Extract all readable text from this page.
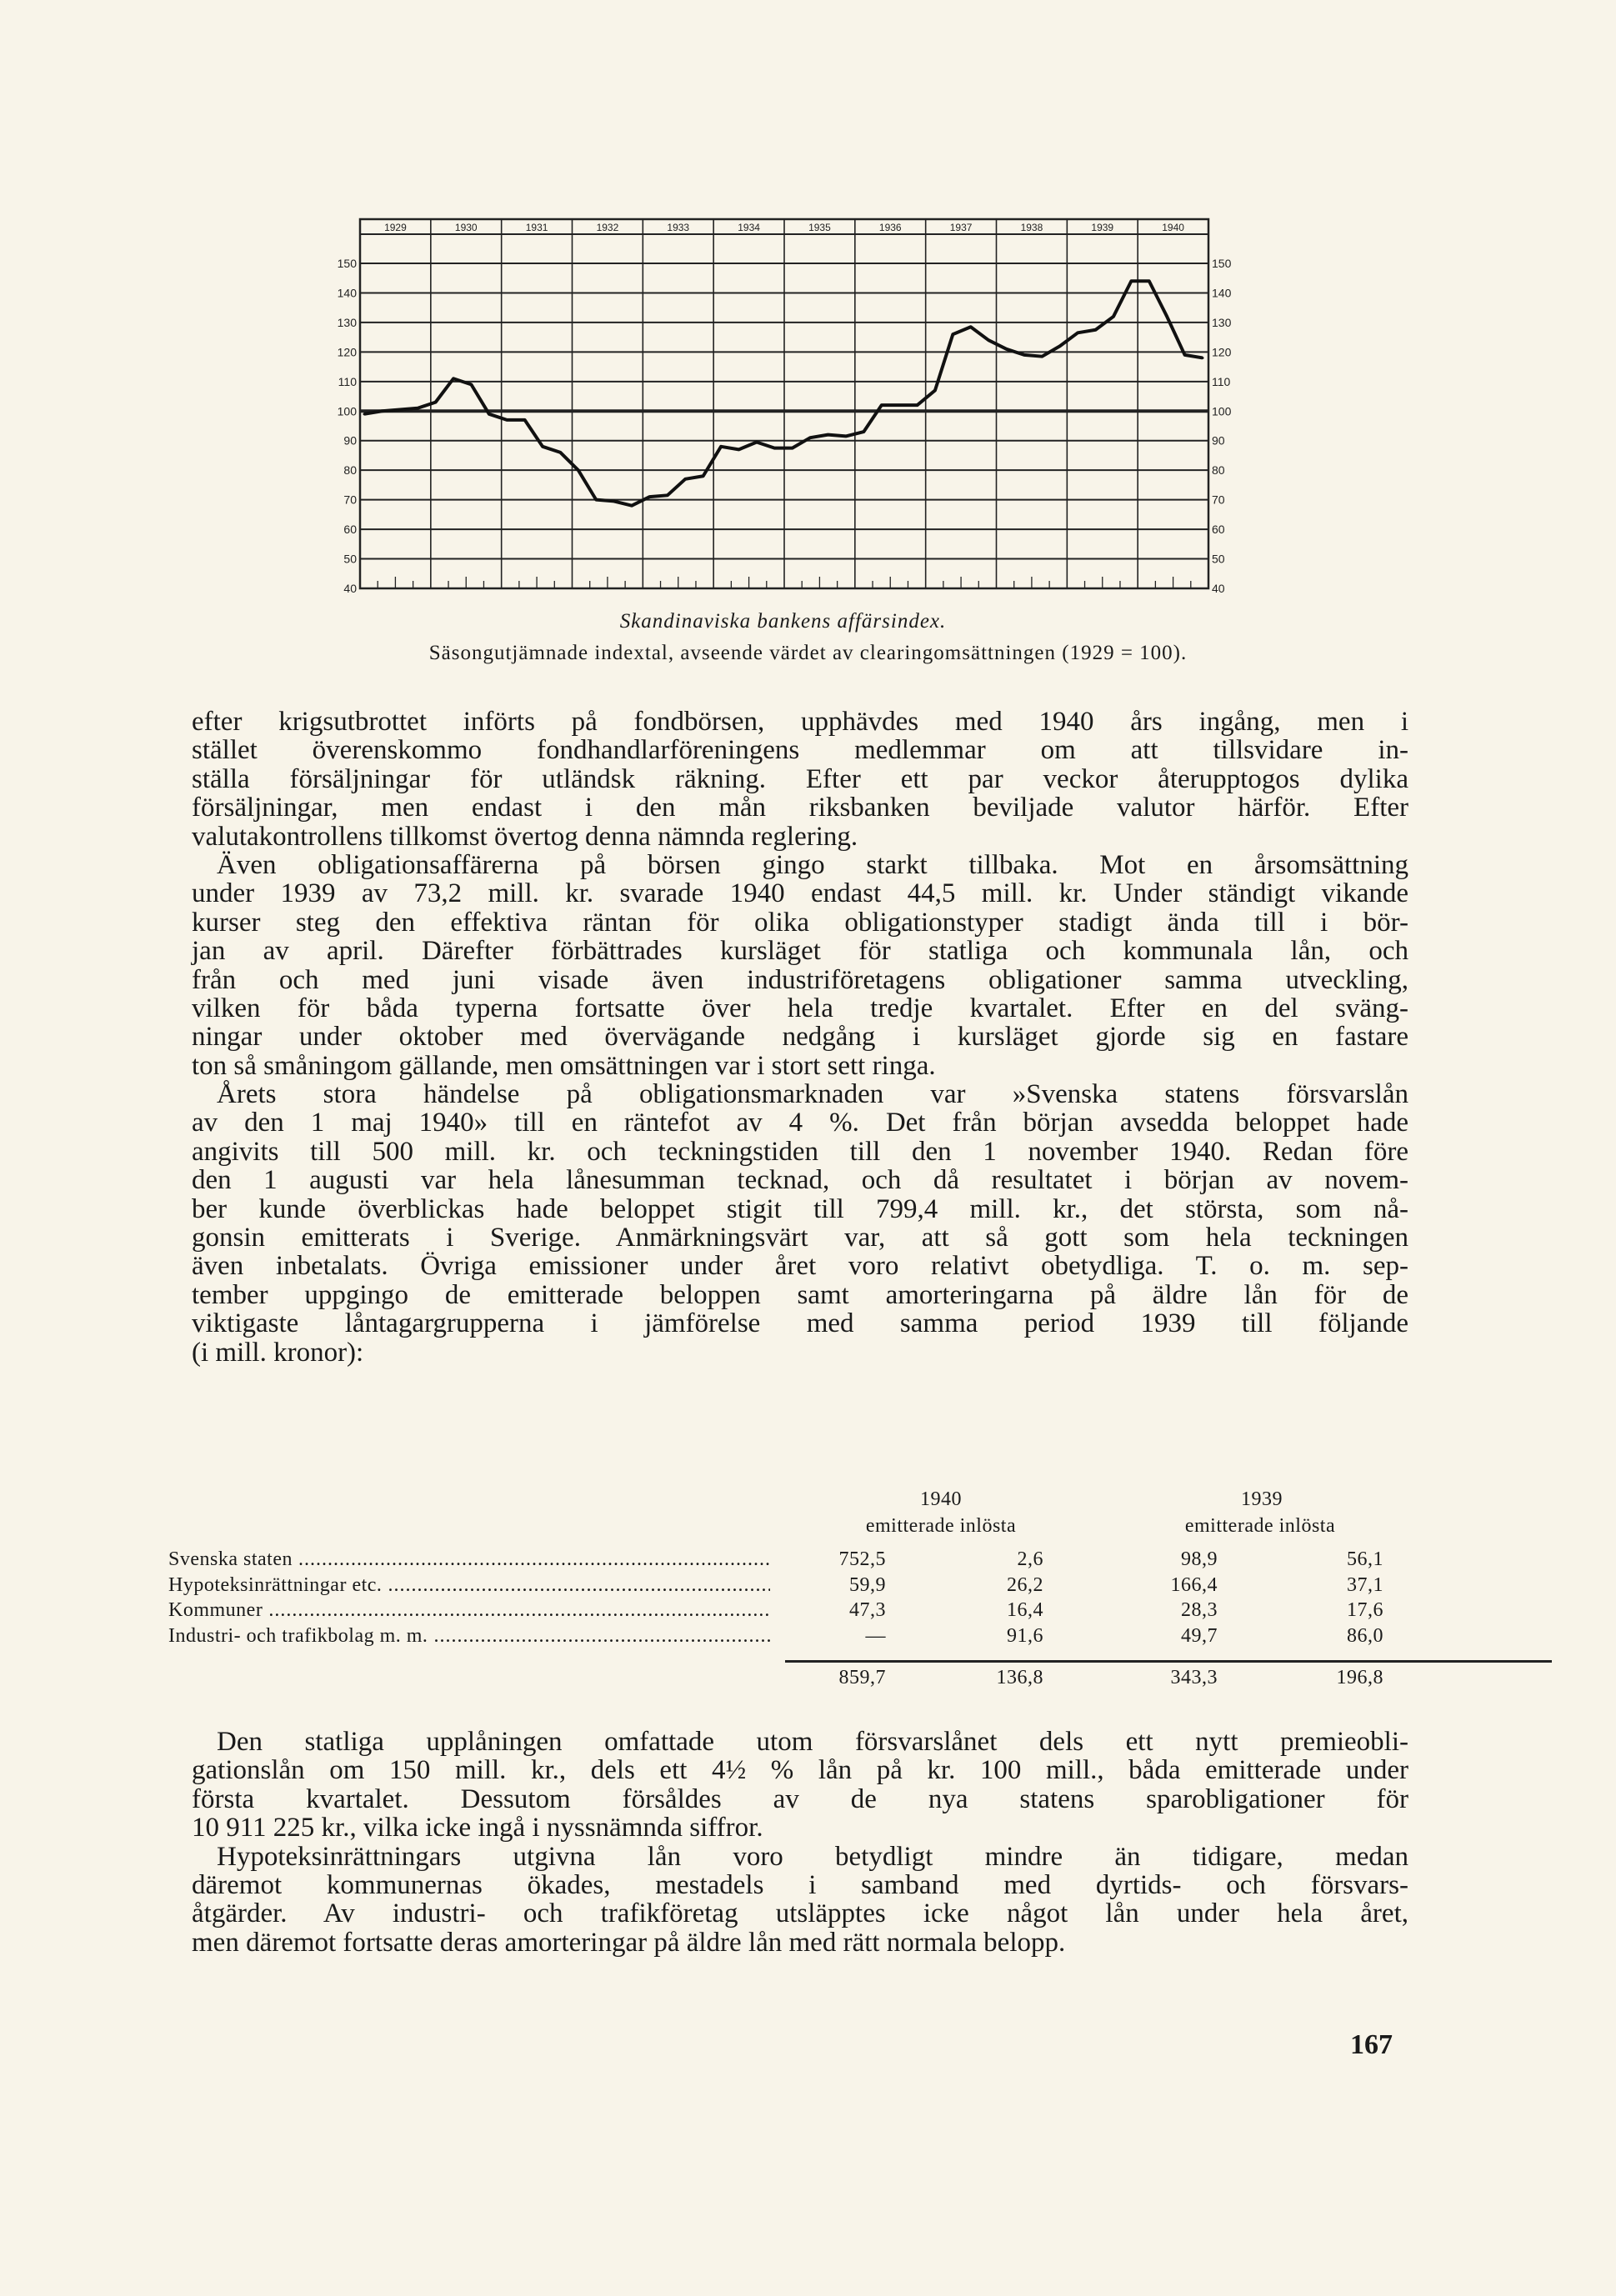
40	40
50	50
60	60
70	70
80	80
90	90
100	100
110	110
120	120
130	130
140	140
150	150
1929	1930	1931	1932	1933	1934	1935	1936	1937	1938	1939	1940
Skandinaviska bankens affärsindex.
Säsongutjämnade indextal, avseende värdet av clearingomsättningen (1929 = 100).
efter krigsutbrottet införts på fondbörsen, upphävdes med 1940 års ingång, men i
stället överenskommo fondhandlarföreningens medlemmar om att tillsvidare in-
ställa försäljningar för utländsk räkning. Efter ett par veckor återupptogos dylika
försäljningar, men endast i den mån riksbanken beviljade valutor härför. Efter
valutakontrollens tillkomst övertog denna nämnda reglering.
Även obligationsaffärerna på börsen gingo starkt tillbaka. Mot en årsomsättning
under 1939 av 73,2 mill. kr. svarade 1940 endast 44,5 mill. kr. Under ständigt vikande
kurser steg den effektiva räntan för olika obligationstyper stadigt ända till i bör-
jan av april. Därefter förbättrades kursläget för statliga och kommunala lån, och
från och med juni visade även industriföretagens obligationer samma utveckling,
vilken för båda typerna fortsatte över hela tredje kvartalet. Efter en del sväng-
ningar under oktober med övervägande nedgång i kursläget gjorde sig en fastare
ton så småningom gällande, men omsättningen var i stort sett ringa.
Årets stora händelse på obligationsmarknaden var »Svenska statens försvarslån
av den 1 maj 1940» till en räntefot av 4 %. Det från början avsedda beloppet hade
angivits till 500 mill. kr. och teckningstiden till den 1 november 1940. Redan före
den 1 augusti var hela lånesumman tecknad, och då resultatet i början av novem-
ber kunde överblickas hade beloppet stigit till 799,4 mill. kr., det största, som nå-
gonsin emitterats i Sverige. Anmärkningsvärt var, att så gott som hela teckningen
även inbetalats. Övriga emissioner under året voro relativt obetydliga. T. o. m. sep-
tember uppgingo de emitterade beloppen samt amorteringarna på äldre lån för de
viktigaste låntagargrupperna i jämförelse med samma period 1939 till följande
(i mill. kronor):
1940	1939
emitterade inlösta	emitterade inlösta
Svenska staten .....	752,5	2,6	98,9	56,1
Hypoteksinrättningar etc. .....	59,9	26,2	166,4	37,1
Kommuner .....	47,3	16,4	28,3	17,6
Industri- och trafikbolag m. m. .....	—	91,6	49,7	86,0
859,7	136,8	343,3	196,8
Den statliga upplåningen omfattade utom försvarslånet dels ett nytt premieobli-
gationslån om 150 mill. kr., dels ett 4½ % lån på kr. 100 mill., båda emitterade under
första kvartalet. Dessutom försåldes av de nya statens sparobligationer för
10 911 225 kr., vilka icke ingå i nyssnämnda siffror.
Hypoteksinrättningars utgivna lån voro betydligt mindre än tidigare, medan
däremot kommunernas ökades, mestadels i samband med dyrtids- och försvars-
åtgärder. Av industri- och trafikföretag utsläpptes icke något lån under hela året,
men däremot fortsatte deras amorteringar på äldre lån med rätt normala belopp.
167
